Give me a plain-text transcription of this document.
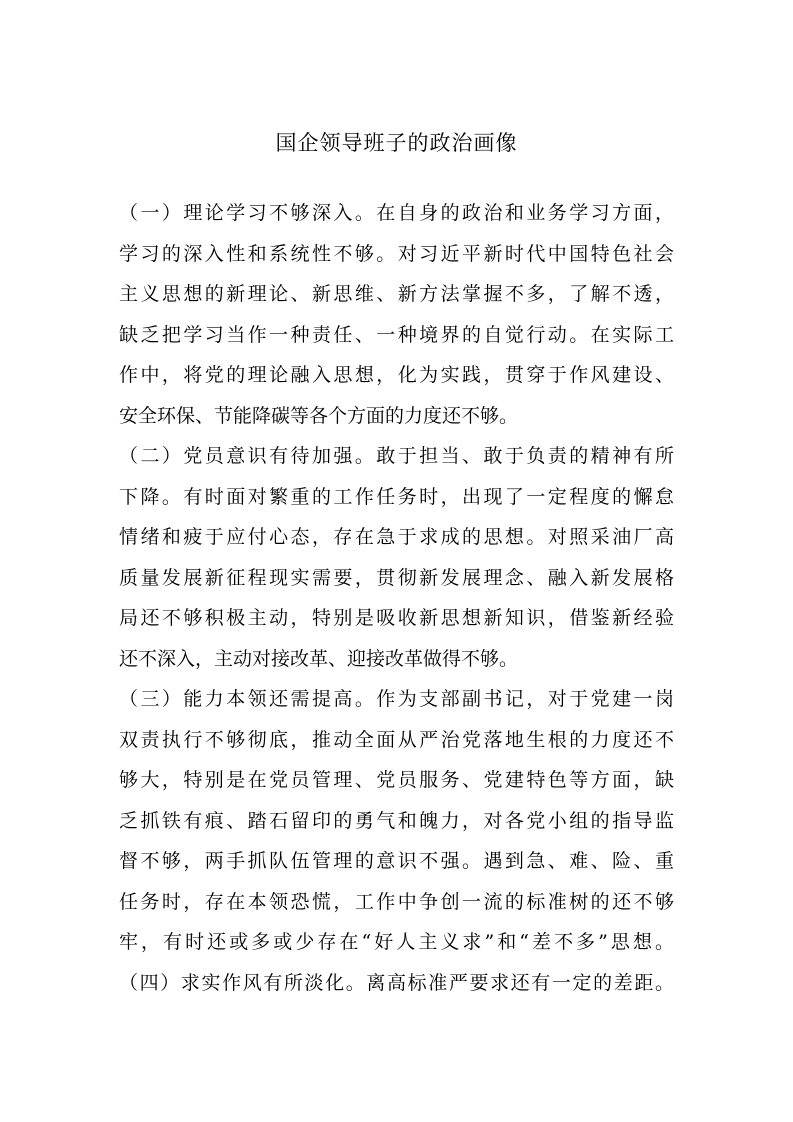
国企领导班子的政治画像
（一）理论学习不够深入。在自身的政治和业务学习方面，
学习的深入性和系统性不够。对习近平新时代中国特色社会
主义思想的新理论、新思维、新方法掌握不多，了解不透，
缺乏把学习当作一种责任、一种境界的自觉行动。在实际工
作中，将党的理论融入思想，化为实践，贯穿于作风建设、
安全环保、节能降碳等各个方面的力度还不够。
（二）党员意识有待加强。敢于担当、敢于负责的精神有所
下降。有时面对繁重的工作任务时，出现了一定程度的懈怠
情绪和疲于应付心态，存在急于求成的思想。对照采油厂高
质量发展新征程现实需要，贯彻新发展理念、融入新发展格
局还不够积极主动，特别是吸收新思想新知识，借鉴新经验
还不深入，主动对接改革、迎接改革做得不够。
（三）能力本领还需提高。作为支部副书记，对于党建一岗
双责执行不够彻底，推动全面从严治党落地生根的力度还不
够大，特别是在党员管理、党员服务、党建特色等方面，缺
乏抓铁有痕、踏石留印的勇气和魄力，对各党小组的指导监
督不够，两手抓队伍管理的意识不强。遇到急、难、险、重
任务时，存在本领恐慌，工作中争创一流的标准树的还不够
牢，有时还或多或少存在“好人主义求”和“差不多”思想。
（四）求实作风有所淡化。离高标准严要求还有一定的差距。
